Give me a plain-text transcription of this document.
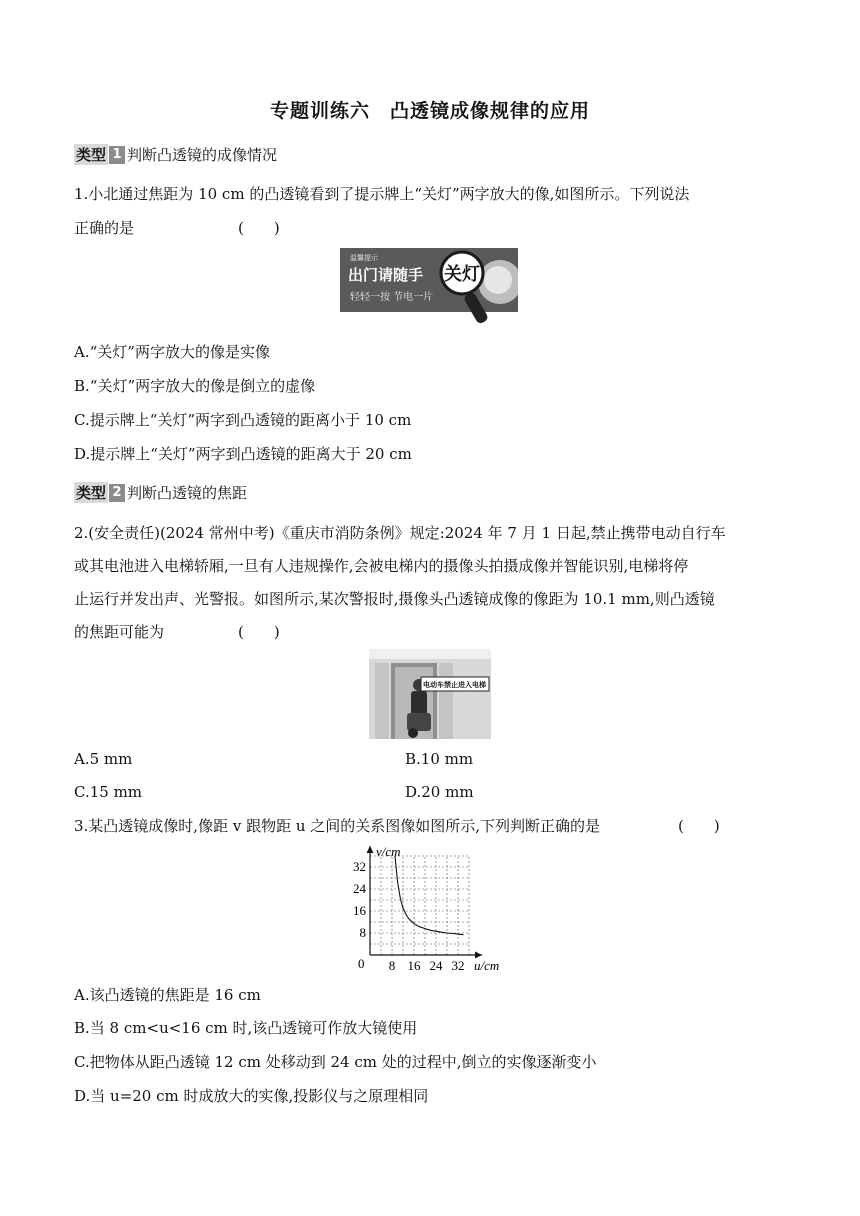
专题训练六　凸透镜成像规律的应用
类型 1 判断凸透镜的成像情况
1.小北通过焦距为 10 cm 的凸透镜看到了提示牌上“关灯”两字放大的像,如图所示。下列说法
正确的是	(　　)
温馨提示
出门请随手 关灯
轻轻一按 节电一片
A.“关灯”两字放大的像是实像
B.“关灯”两字放大的像是倒立的虚像
C.提示牌上“关灯”两字到凸透镜的距离小于 10 cm
D.提示牌上“关灯”两字到凸透镜的距离大于 20 cm
类型 2 判断凸透镜的焦距
2.(安全责任)(2024 常州中考)《重庆市消防条例》规定:2024 年 7 月 1 日起,禁止携带电动自行车
或其电池进入电梯轿厢,一旦有人违规操作,会被电梯内的摄像头拍摄成像并智能识别,电梯将停
止运行并发出声、光警报。如图所示,某次警报时,摄像头凸透镜成像的像距为 10.1 mm,则凸透镜
的焦距可能为	(　　)
电动车禁止进入电梯
A.5 mm	B.10 mm
C.15 mm	D.20 mm
3.某凸透镜成像时,像距 v 跟物距 u 之间的关系图像如图所示,下列判断正确的是	(　　)
8 16 24 32
8
16
24
32
0
v/cm
u/cm
A.该凸透镜的焦距是 16 cm
B.当 8 cm<u<16 cm 时,该凸透镜可作放大镜使用
C.把物体从距凸透镜 12 cm 处移动到 24 cm 处的过程中,倒立的实像逐渐变小
D.当 u=20 cm 时成放大的实像,投影仪与之原理相同
